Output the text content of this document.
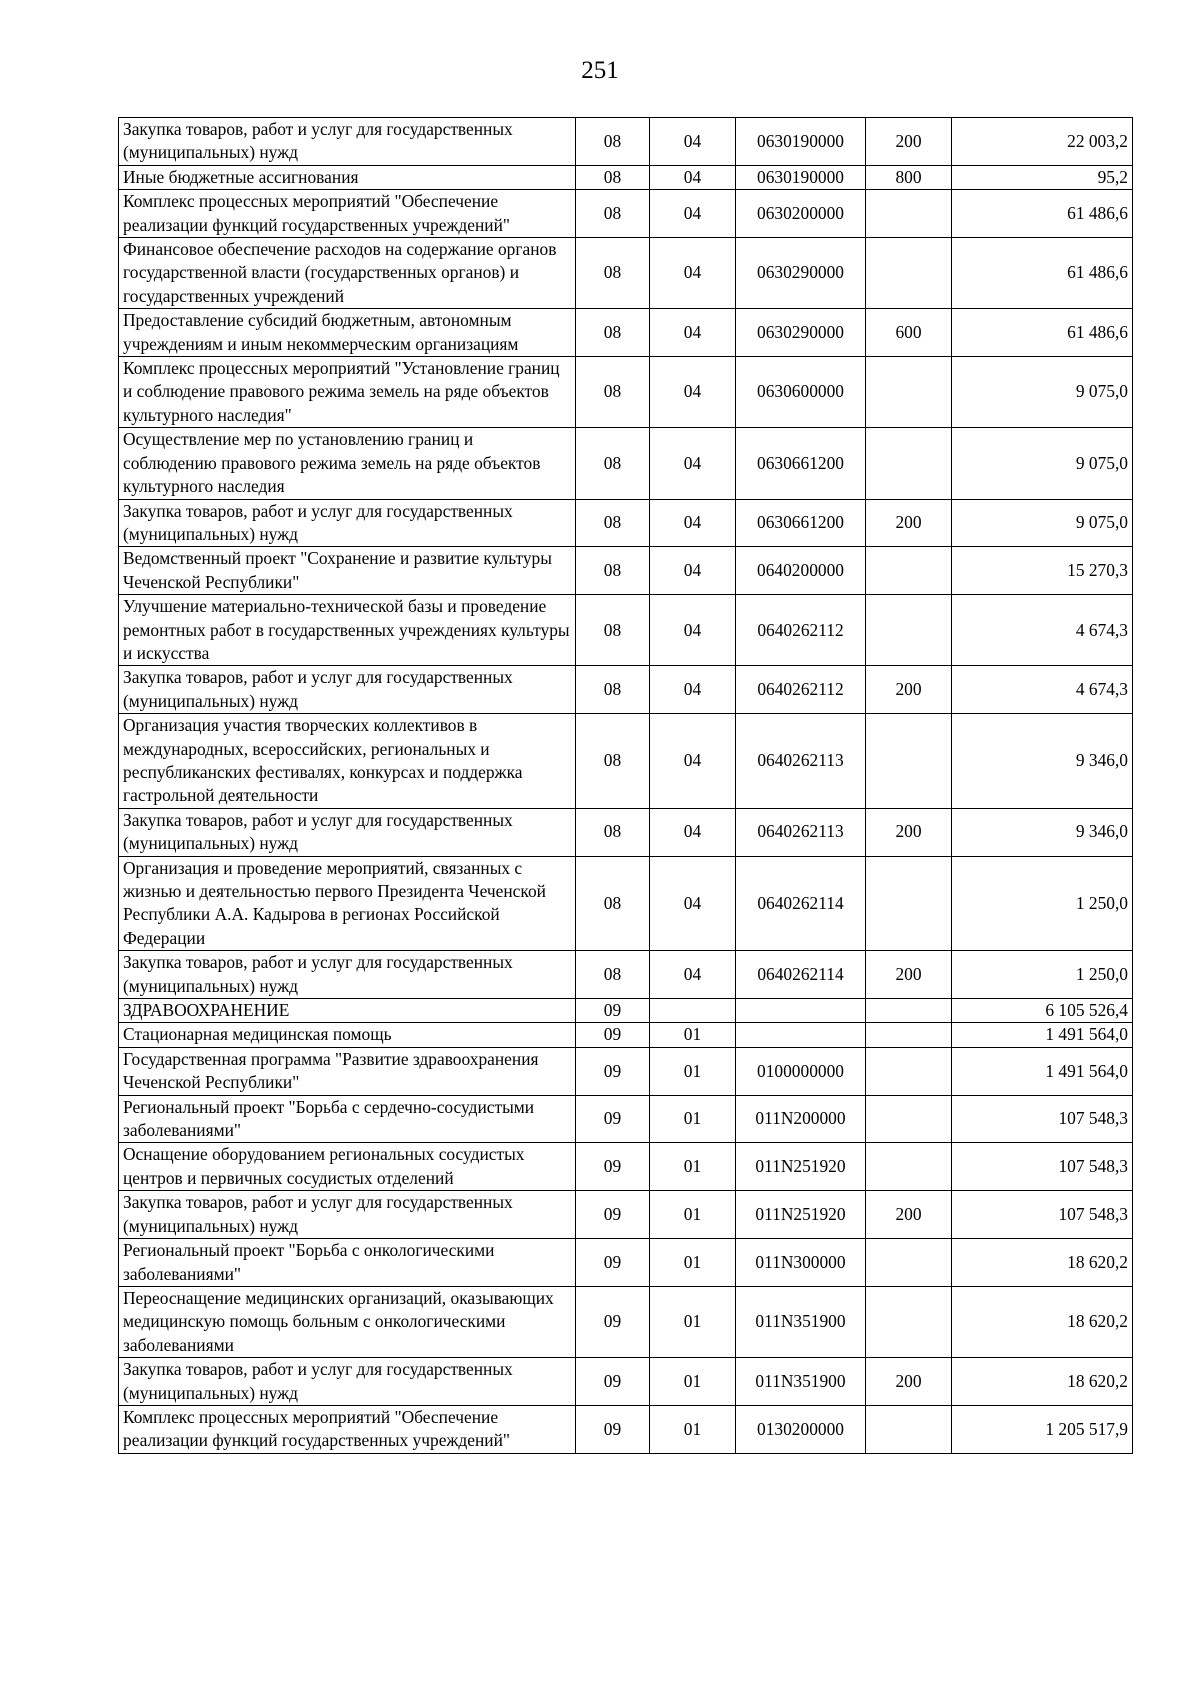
251
Закупка товаров, работ и услуг для государственных (муниципальных) нужд	08	04	0630190000	200	22 003,2
Иные бюджетные ассигнования	08	04	0630190000	800	95,2
Комплекс процессных мероприятий "Обеспечение реализации функций государственных учреждений"	08	04	0630200000		61 486,6
Финансовое обеспечение расходов на содержание органов государственной власти (государственных органов) и государственных учреждений	08	04	0630290000		61 486,6
Предоставление субсидий бюджетным, автономным учреждениям и иным некоммерческим организациям	08	04	0630290000	600	61 486,6
Комплекс процессных мероприятий "Установление границ и соблюдение правового режима земель на ряде объектов культурного наследия"	08	04	0630600000		9 075,0
Осуществление мер по установлению границ и соблюдению правового режима земель на ряде объектов культурного наследия	08	04	0630661200		9 075,0
Закупка товаров, работ и услуг для государственных (муниципальных) нужд	08	04	0630661200	200	9 075,0
Ведомственный проект "Сохранение и развитие культуры Чеченской Республики"	08	04	0640200000		15 270,3
Улучшение материально-технической базы и проведение ремонтных работ в государственных учреждениях культуры и искусства	08	04	0640262112		4 674,3
Закупка товаров, работ и услуг для государственных (муниципальных) нужд	08	04	0640262112	200	4 674,3
Организация участия творческих коллективов в международных, всероссийских, региональных и республиканских фестивалях, конкурсах и поддержка гастрольной деятельности	08	04	0640262113		9 346,0
Закупка товаров, работ и услуг для государственных (муниципальных) нужд	08	04	0640262113	200	9 346,0
Организация и проведение мероприятий, связанных с жизнью и деятельностью первого Президента Чеченской Республики А.А. Кадырова в регионах Российской Федерации	08	04	0640262114		1 250,0
Закупка товаров, работ и услуг для государственных (муниципальных) нужд	08	04	0640262114	200	1 250,0
ЗДРАВООХРАНЕНИЕ	09				6 105 526,4
Стационарная медицинская помощь	09	01			1 491 564,0
Государственная программа "Развитие здравоохранения Чеченской Республики"	09	01	0100000000		1 491 564,0
Региональный проект "Борьба с сердечно-сосудистыми заболеваниями"	09	01	011N200000		107 548,3
Оснащение оборудованием региональных сосудистых центров и первичных сосудистых отделений	09	01	011N251920		107 548,3
Закупка товаров, работ и услуг для государственных (муниципальных) нужд	09	01	011N251920	200	107 548,3
Региональный проект "Борьба с онкологическими заболеваниями"	09	01	011N300000		18 620,2
Переоснащение медицинских организаций, оказывающих медицинскую помощь больным с онкологическими заболеваниями	09	01	011N351900		18 620,2
Закупка товаров, работ и услуг для государственных (муниципальных) нужд	09	01	011N351900	200	18 620,2
Комплекс процессных мероприятий "Обеспечение реализации функций государственных учреждений"	09	01	0130200000		1 205 517,9
